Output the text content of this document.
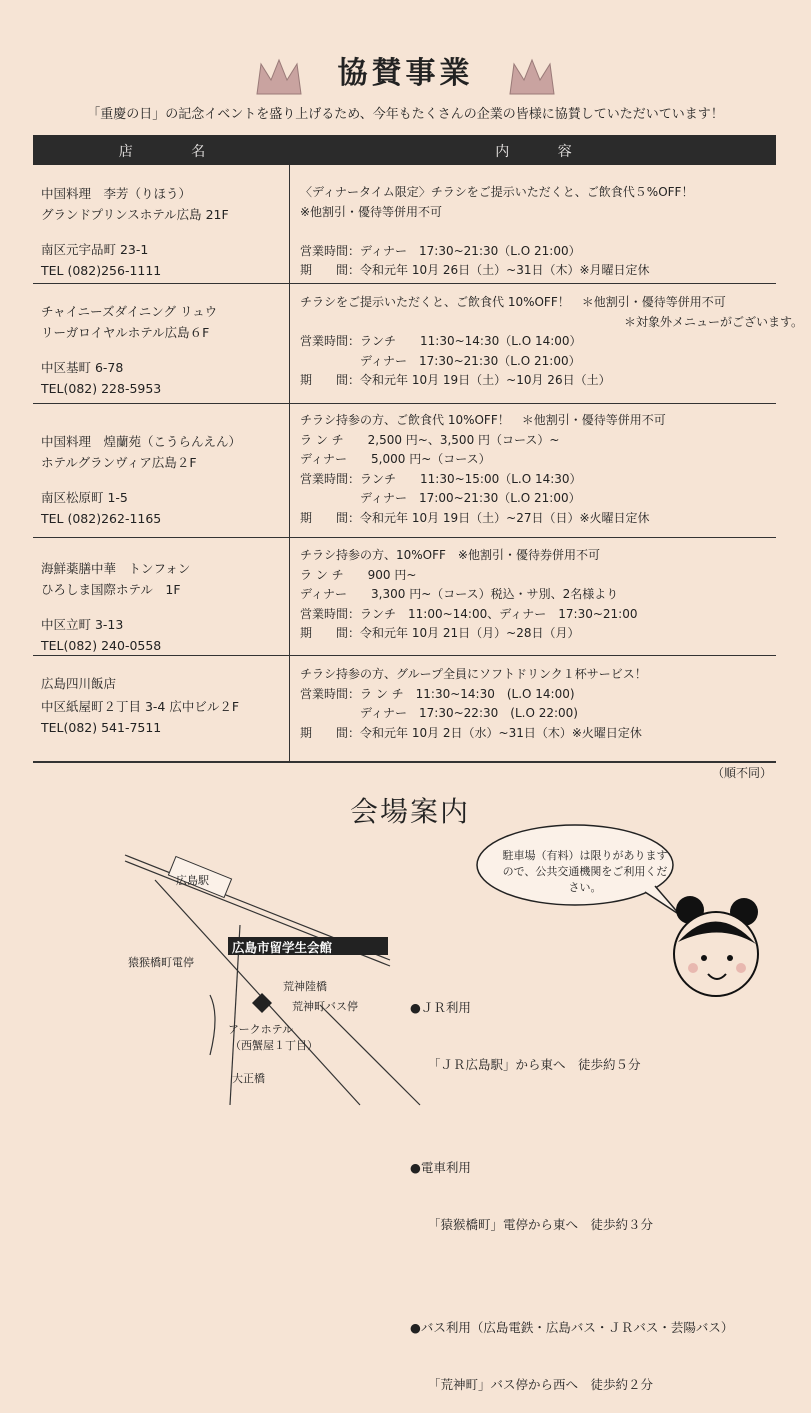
協賛事業
「重慶の日」の記念イベントを盛り上げるため、今年もたくさんの企業の皆様に協賛していただいています！
店 名	内 容
中国料理　李芳（りほう）
グランドプリンスホテル広島 21F
南区元宇品町 23-1
TEL (082)256-1111
〈ディナータイム限定〉チラシをご提示いただくと、ご飲食代５%OFF！
※他割引・優待等併用不可

営業時間：ディナー　17:30~21:30（L.O 21:00）
期　　間：令和元年 10月 26日（土）~31日（木）※月曜日定休
チャイニーズダイニング リュウ
リーガロイヤルホテル広島６F
中区基町 6-78
TEL(082) 228-5953
チラシをご提示いただくと、ご飲食代 10%OFF！　＊他割引・優待等併用不可
　　　　　　　　　　　　　　　　　　　　　　　　　　　＊対象外メニューがございます。
営業時間：ランチ　　11:30~14:30（L.O 14:00）
　　　　　ディナー　17:30~21:30（L.O 21:00）
期　　間：令和元年 10月 19日（土）~10月 26日（土）
中国料理　煌蘭苑（こうらんえん）
ホテルグランヴィア広島２F
南区松原町 1-5
TEL (082)262-1165
チラシ持参の方、ご飲食代 10%OFF！　＊他割引・優待等併用不可
ラ ン チ　　2,500 円~、3,500 円（コース）~
ディナー　　5,000 円~（コース）
営業時間：ランチ　　11:30~15:00（L.O 14:30）
　　　　　ディナー　17:00~21:30（L.O 21:00）
期　　間：令和元年 10月 19日（土）~27日（日）※火曜日定休
海鮮薬膳中華　トンフォン
ひろしま国際ホテル　1F
中区立町 3-13
TEL(082) 240-0558
チラシ持参の方、10%OFF　※他割引・優待券併用不可
ラ ン チ　　900 円~
ディナー　　3,300 円~（コース）税込・サ別、2名様より
営業時間：ランチ　11:00~14:00、ディナー　17:30~21:00
期　　間：令和元年 10月 21日（月）~28日（月）
広島四川飯店
中区紙屋町２丁目 3-4 広中ビル２F
TEL(082) 541-7511
チラシ持参の方、グループ全員にソフトドリンク１杯サービス！
営業時間：ラ ン チ　11:30~14:30　(L.O 14:00)
　　　　　ディナー　17:30~22:30　(L.O 22:00)
期　　間：令和元年 10月 2日（水）~31日（木）※火曜日定休
（順不同）
会場案内
駐車場（有料）は限りがありますので、公共交通機関をご利用ください。
広島駅
広島市留学生会館
猿猴橋町電停
荒神陸橋
荒神町バス停
アークホテル
（西蟹屋１丁目）
大正橋

●ＪＲ利用

「ＪＲ広島駅」から東へ　徒歩約５分

●電車利用

「猿猴橋町」電停から東へ　徒歩約３分

●バス利用（広島電鉄・広島バス・ＪＲバス・芸陽バス）

「荒神町」バス停から西へ　徒歩約２分
